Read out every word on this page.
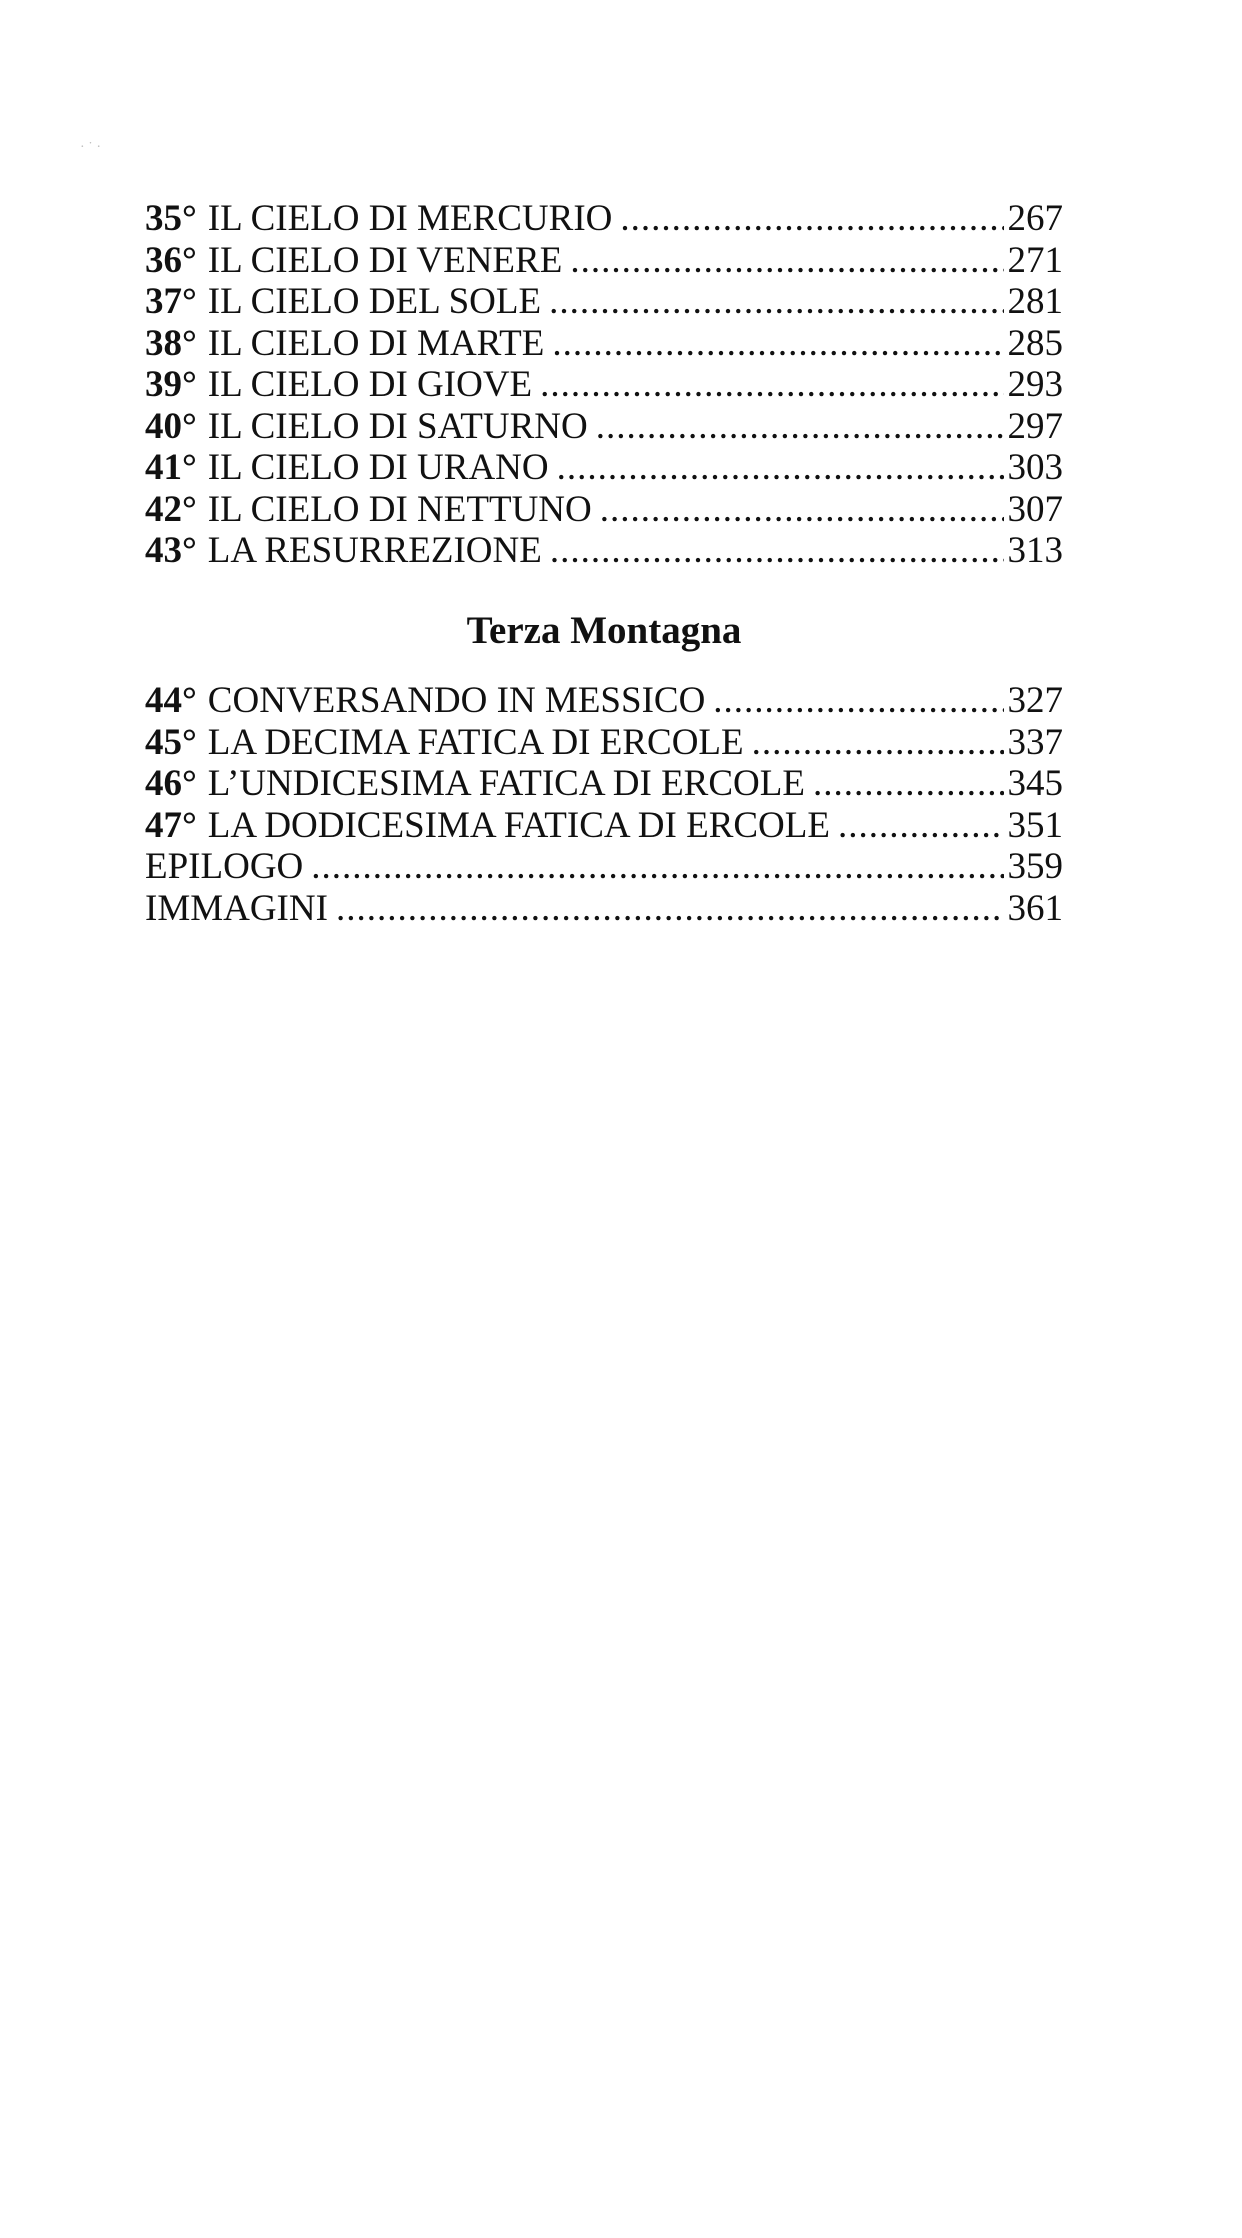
· ˙ ·
35° IL CIELO DI MERCURIO .....	267
36° IL CIELO DI VENERE .....	271
37° IL CIELO DEL SOLE .....	281
38° IL CIELO DI MARTE .....	285
39° IL CIELO DI GIOVE .....	293
40° IL CIELO DI SATURNO .....	297
41° IL CIELO DI URANO .....	303
42° IL CIELO DI NETTUNO .....	307
43° LA RESURREZIONE .....	313
Terza Montagna
44° CONVERSANDO IN MESSICO .....	327
45° LA DECIMA FATICA DI ERCOLE .....	337
46° L’UNDICESIMA FATICA DI ERCOLE .....	345
47° LA DODICESIMA FATICA DI ERCOLE .....	351
EPILOGO .....	359
IMMAGINI .....	361
